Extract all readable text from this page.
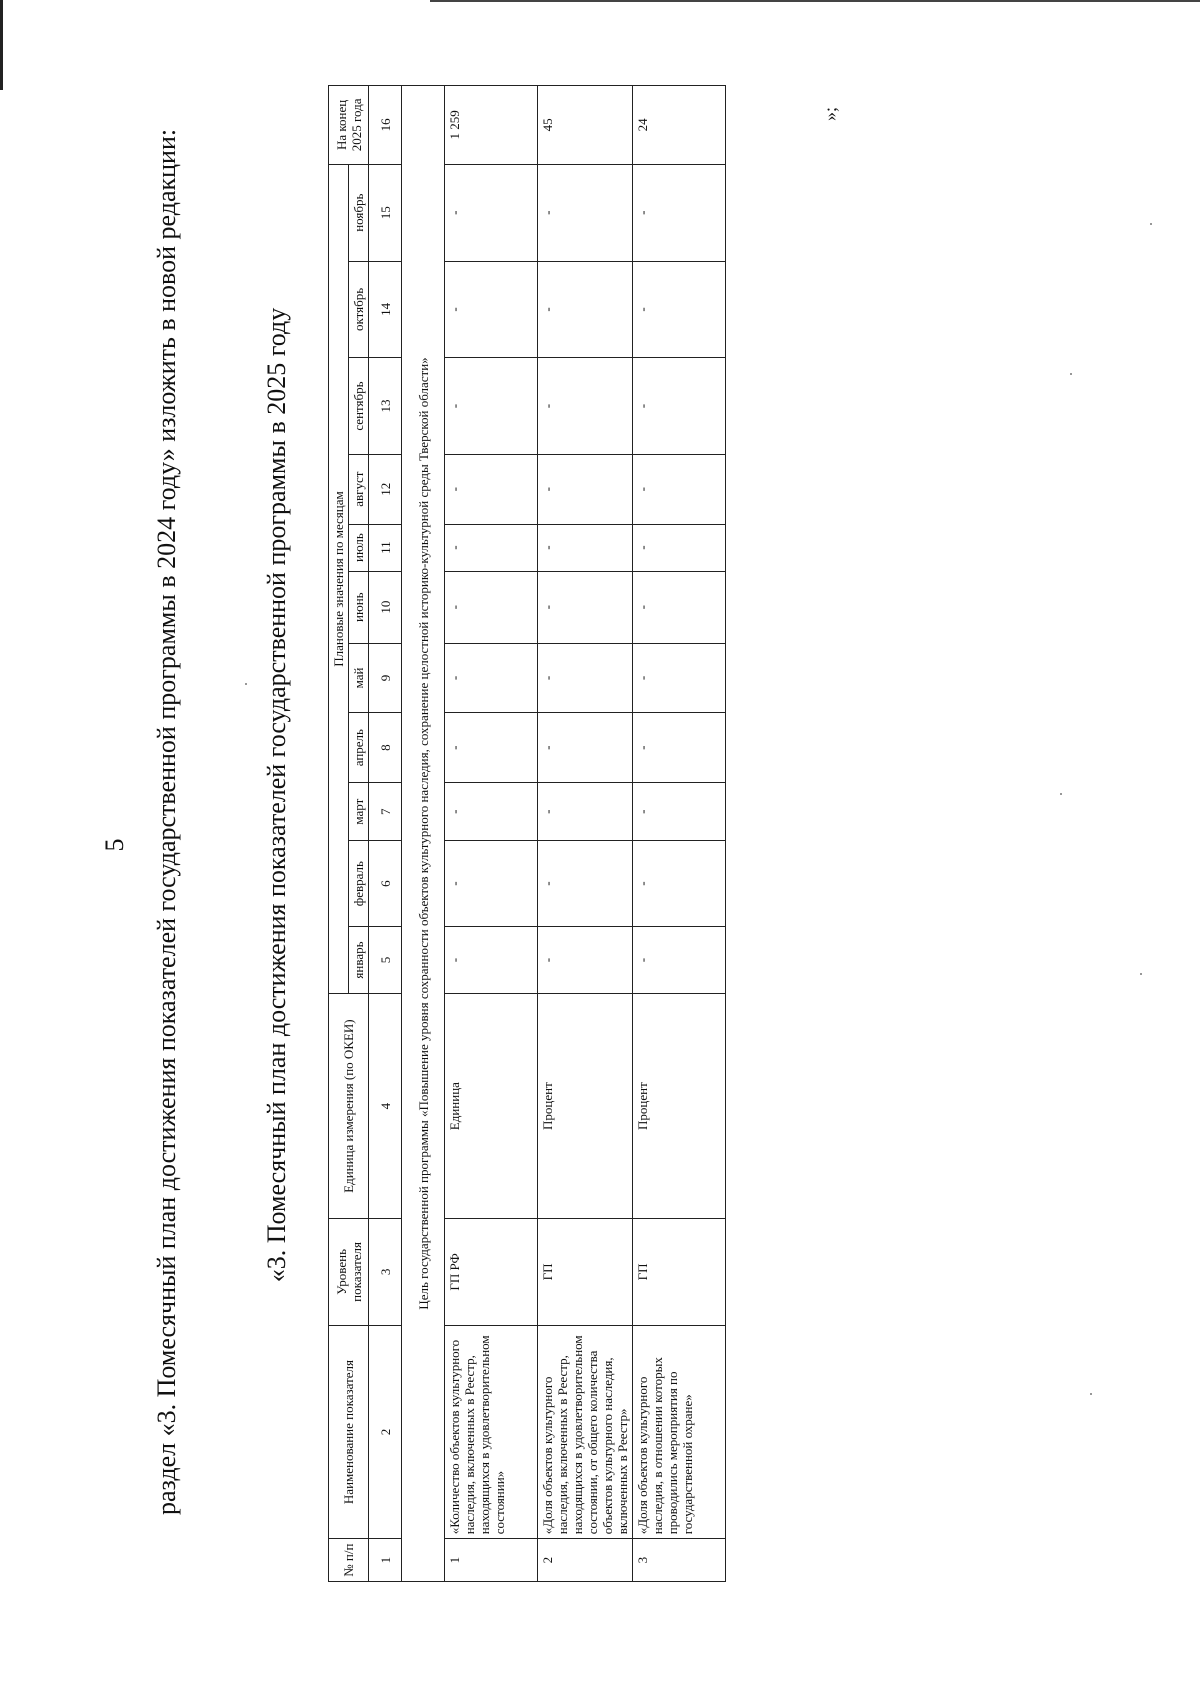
5 раздел «3. Помесячный план достижения показателей государственной программы в 2024 году» изложить в новой редакции:	«3. Помесячный план достижения показателей государственной программы в 2025 году
№ п/п	Наименование показателя	Уровень показателя	Единица измерения (по ОКЕИ)	Плановые значения по месяцам											На конец 2025 года
				январь	февраль	март	апрель	май	июнь	июль	август	сентябрь	октябрь	ноябрь	
1	2	3	4	5	6	7	8	9	10	11	12	13	14	15	16
Цель государственной программы «Повышение уровня сохранности объектов культурного наследия, сохранение целостной историко-культурной среды Тверской области»															
1	«Количество объектов культурного наследия, включенных в Реестр, находящихся в удовлетворительном состоянии»	ГП РФ	Единица	-	-	-	-	-	-	-	-	-	-	-	1 259
2	«Доля объектов культурного наследия, включенных в Реестр, находящихся в удовлетворительном состоянии, от общего количества объектов культурного наследия, включенных в Реестр»	ГП	Процент	-	-	-	-	-	-	-	-	-	-	-	45
3	«Доля объектов культурного наследия, в отношении которых проводились мероприятия по государственной охране»	ГП	Процент	-	-	-	-	-	-	-	-	-	-	-	24
»;
